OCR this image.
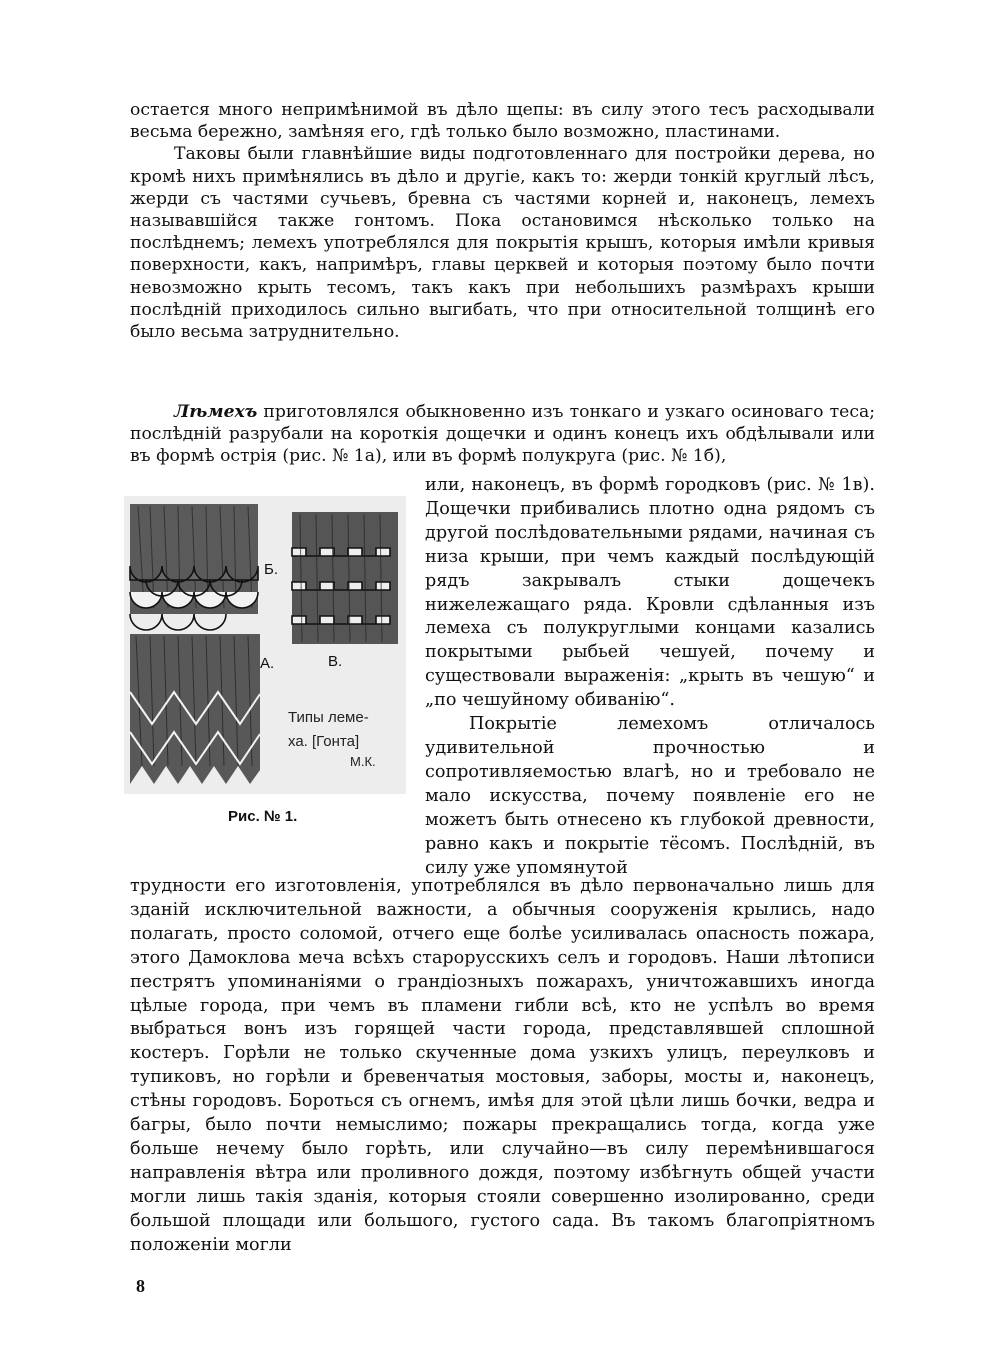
остается много непримѣнимой въ дѣло щепы: въ силу этого тесъ расходывали весьма бережно, замѣняя его, гдѣ только было возможно, пластинами.

Таковы были главнѣйшие виды подготовленнаго для постройки дерева, но кромѣ нихъ примѣнялись въ дѣло и другіе, какъ то: жерди тонкій круглый лѣсъ, жерди съ частями сучьевъ, бревна съ частями корней и, наконецъ, лемехъ называвшійся также гонтомъ. Пока остановимся нѣсколько только на послѣднемъ; лемехъ употреблялся для покрытія крышъ, которыя имѣли кривыя поверхности, какъ, напримѣръ, главы церквей и которыя поэтому было почти невозможно крыть тесомъ, такъ какъ при небольшихъ размѣрахъ крыши послѣдній приходилось сильно выгибать, что при относительной толщинѣ его было весьма затруднительно.

Лѣмехъ приготовлялся обыкновенно изъ тонкаго и узкаго осиноваго теса; послѣдній разрубали на короткія дощечки и одинъ конецъ ихъ обдѣлывали или въ формѣ острія (рис. № 1а), или въ формѣ полукруга (рис. № 1б),

Б.
В.
А.
Типы леме-
ха. [Гонта]
М.К.
Рис. № 1.

или, наконецъ, въ формѣ городковъ (рис. № 1в). Дощечки прибивались плотно одна рядомъ съ другой послѣдовательными рядами, начиная съ низа крыши, при чемъ каждый послѣдующій рядъ закрывалъ стыки дощечекъ нижележащаго ряда. Кровли сдѣланныя изъ лемеха съ полукруглыми концами казались покрытыми рыбьей чешуей, почему и существовали выраженія: „крыть въ чешую“ и „по чешуйному обиванію“.

Покрытіе лемехомъ отличалось удивительной прочностью и сопротивляемостью влагѣ, но и требовало не мало искусства, почему появленіе его не можетъ быть отнесено къ глубокой древности, равно какъ и покрытіе тёсомъ. Послѣдній, въ силу уже упомянутой

трудности его изготовленія, употреблялся въ дѣло первоначально лишь для зданій исключительной важности, а обычныя сооруженія крылись, надо полагать, просто соломой, отчего еще болѣе усиливалась опасность пожара, этого Дамоклова меча всѣхъ старорусскихъ селъ и городовъ. Наши лѣтописи пестрятъ упоминаніями о грандіозныхъ пожарахъ, уничтожавшихъ иногда цѣлые города, при чемъ въ пламени гибли всѣ, кто не успѣлъ во время выбраться вонъ изъ горящей части города, представлявшей сплошной костеръ. Горѣли не только скученные дома узкихъ улицъ, переулковъ и тупиковъ, но горѣли и бревенчатыя мостовыя, заборы, мосты и, наконецъ, стѣны городовъ. Бороться съ огнемъ, имѣя для этой цѣли лишь бочки, ведра и багры, было почти немыслимо; пожары прекращались тогда, когда уже больше нечему было горѣть, или случайно—въ силу перемѣнившагося направленія вѣтра или проливного дождя, поэтому избѣгнуть общей участи могли лишь такія зданія, которыя стояли совершенно изолированно, среди большой площади или большого, густого сада. Въ такомъ благопріятномъ положеніи могли

8
